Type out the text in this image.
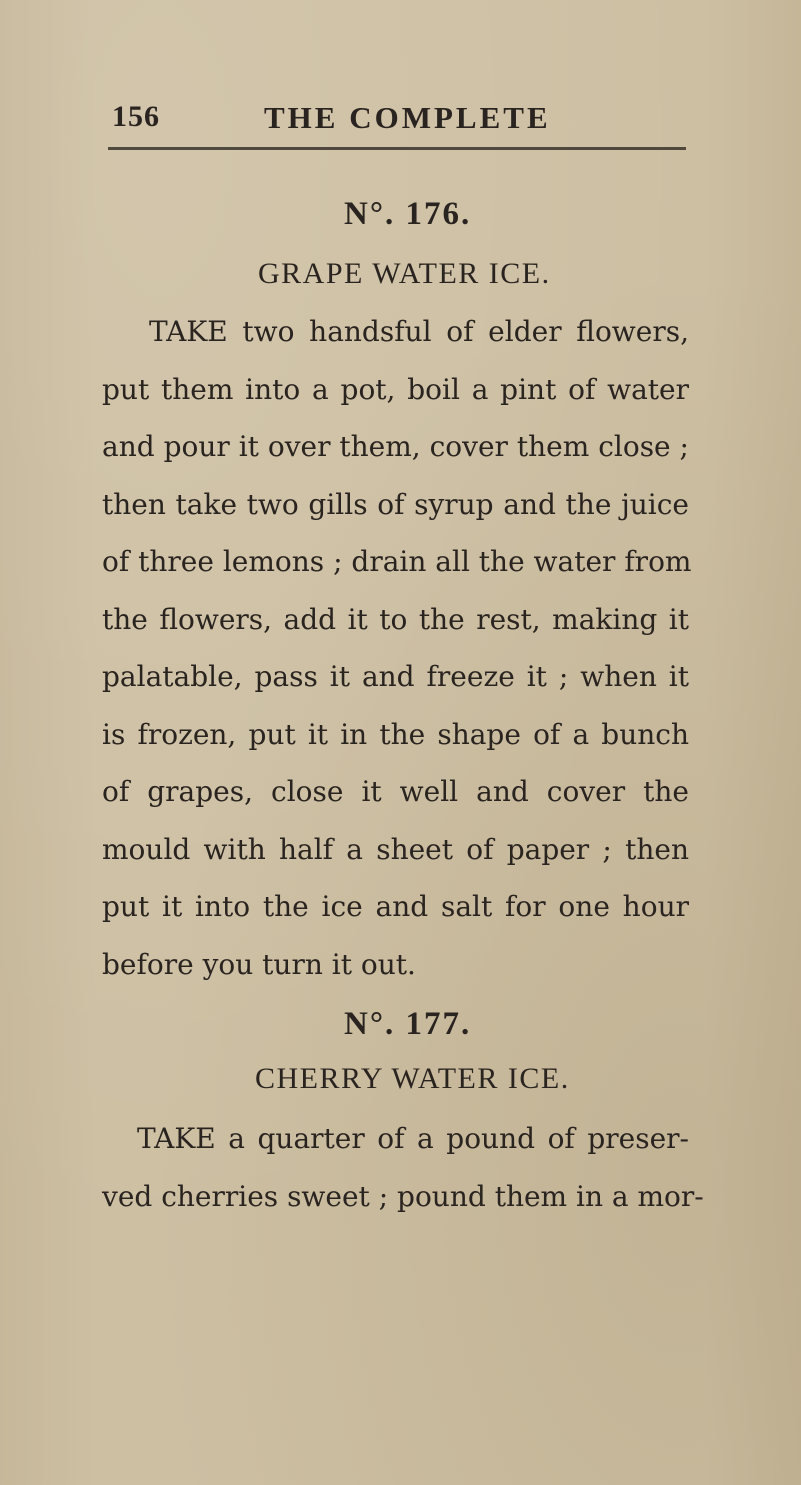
156	THE COMPLETE
N°. 176.
GRAPE WATER ICE.
TAKE two handsful of elder flowers,
put them into a pot, boil a pint of water
and pour it over them, cover them close ;
then take two gills of syrup and the juice
of three lemons ; drain all the water from
the flowers, add it to the rest, making it
palatable, pass it and freeze it ; when it
is frozen, put it in the shape of a bunch
of grapes, close it well and cover the
mould with half a sheet of paper ; then
put it into the ice and salt for one hour
before you turn it out.
N°. 177.
CHERRY WATER ICE.
TAKE a quarter of a pound of preser-
ved cherries sweet ; pound them in a mor-
